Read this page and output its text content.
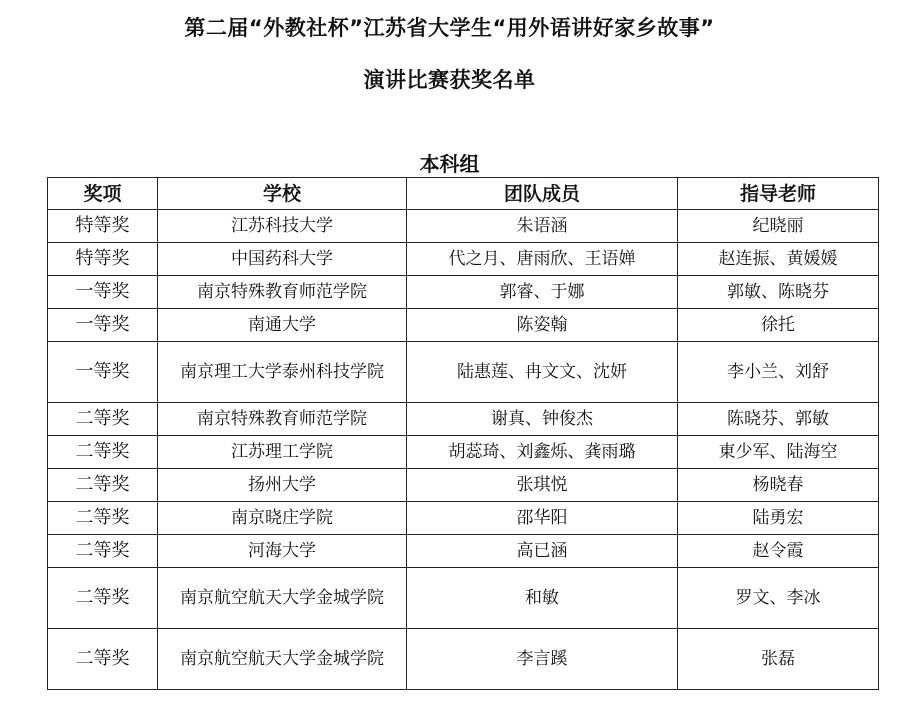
第二届“外教社杯”江苏省大学生“用外语讲好家乡故事”
演讲比赛获奖名单
本科组
奖项	学校	团队成员	指导老师
特等奖	江苏科技大学	朱语涵	纪晓丽
特等奖	中国药科大学	代之月、唐雨欣、王语婵	赵连振、黄媛媛
一等奖	南京特殊教育师范学院	郭睿、于娜	郭敏、陈晓芬
一等奖	南通大学	陈姿翰	徐托
一等奖	南京理工大学泰州科技学院	陆惠莲、冉文文、沈妍	李小兰、刘舒
二等奖	南京特殊教育师范学院	谢真、钟俊杰	陈晓芬、郭敏
二等奖	江苏理工学院	胡蕊琦、刘鑫烁、龚雨璐	東少军、陆海空
二等奖	扬州大学	张琪悦	杨晓春
二等奖	南京晓庄学院	邵华阳	陆勇宏
二等奖	河海大学	高已涵	赵令霞
二等奖	南京航空航天大学金城学院	和敏	罗文、李冰
二等奖	南京航空航天大学金城学院	李言蹊	张磊
